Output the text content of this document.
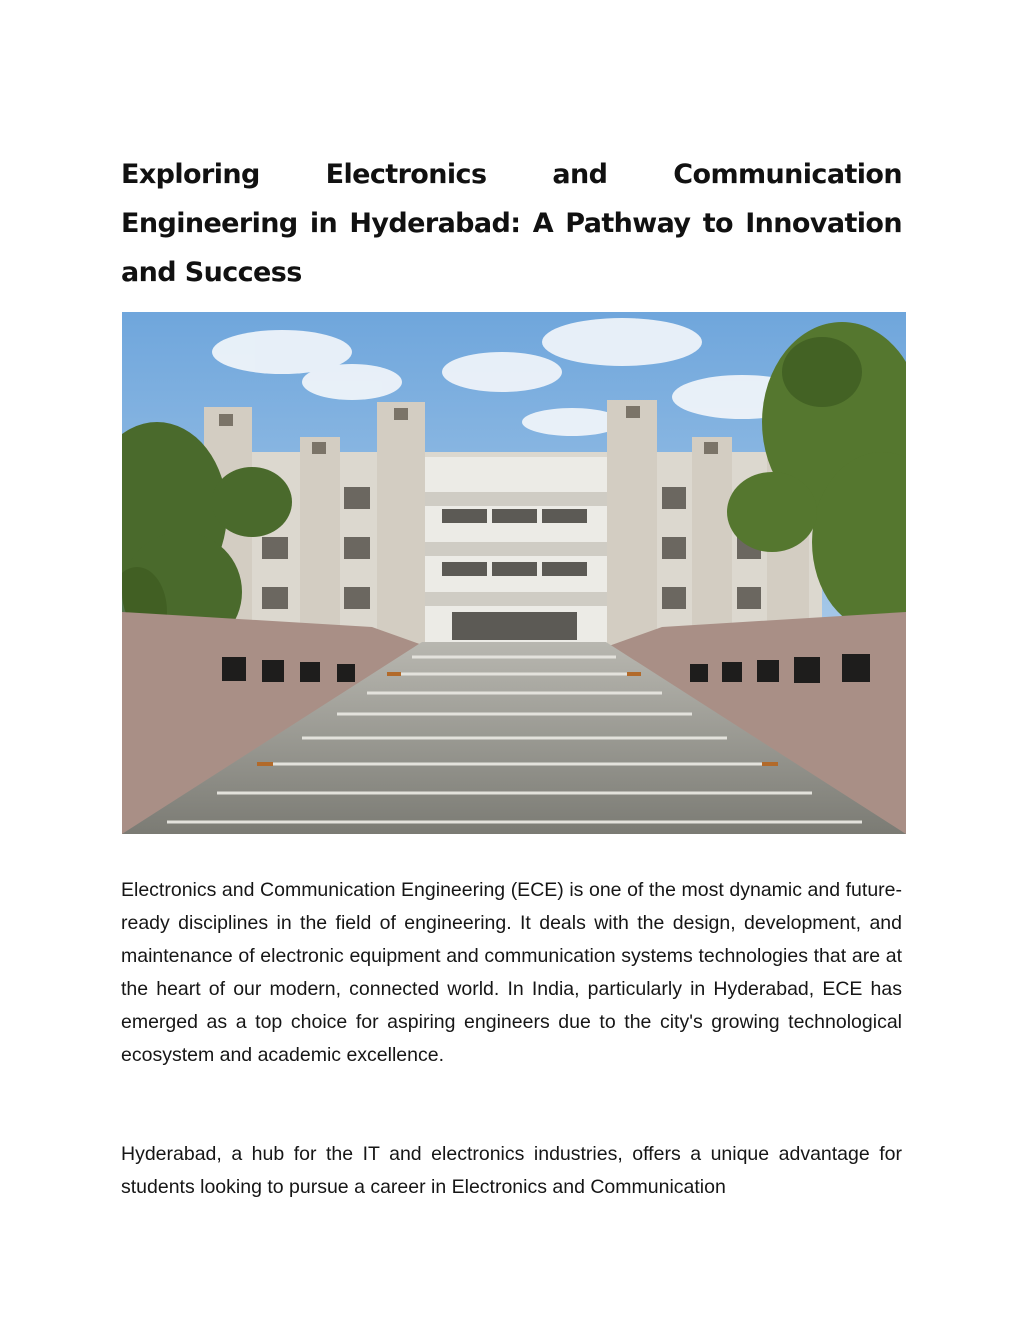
Exploring Electronics and Communication Engineering in Hyderabad: A Pathway to Innovation and Success

Electronics and Communication Engineering (ECE) is one of the most dynamic and future-ready disciplines in the field of engineering. It deals with the design, development, and maintenance of electronic equipment and communication systems technologies that are at the heart of our modern, connected world. In India, particularly in Hyderabad, ECE has emerged as a top choice for aspiring engineers due to the city's growing technological ecosystem and academic excellence.

Hyderabad, a hub for the IT and electronics industries, offers a unique advantage for students looking to pursue a career in Electronics and Communication
